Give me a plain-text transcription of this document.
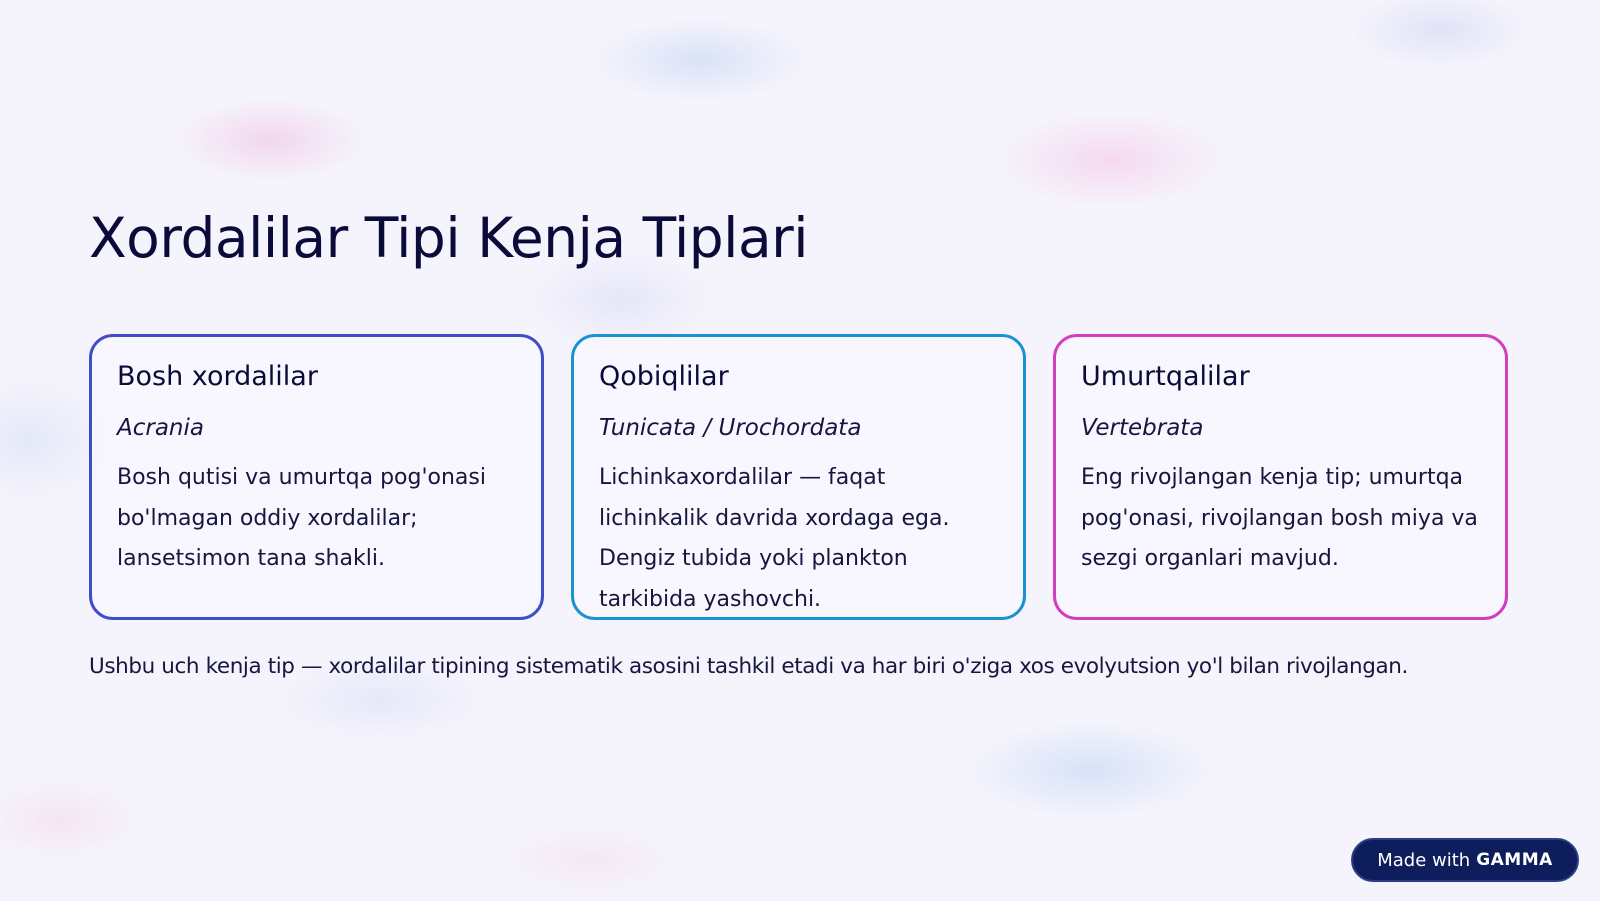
Xordalilar Tipi Kenja Tiplari
Bosh xordalilar

Acrania

Bosh qutisi va umurtqa pog'onasi bo'lmagan oddiy xordalilar; lansetsimon tana shakli.

Qobiqlilar

Tunicata / Urochordata

Lichinkaxordalilar — faqat lichinkalik davrida xordaga ega. Dengiz tubida yoki plankton tarkibida yashovchi.

Umurtqalilar

Vertebrata

Eng rivojlangan kenja tip; umurtqa pog'onasi, rivojlangan bosh miya va sezgi organlari mavjud.

Ushbu uch kenja tip — xordalilar tipining sistematik asosini tashkil etadi va har biri o'ziga xos evolyutsion yo'l bilan rivojlangan.

Made with GAMMA
